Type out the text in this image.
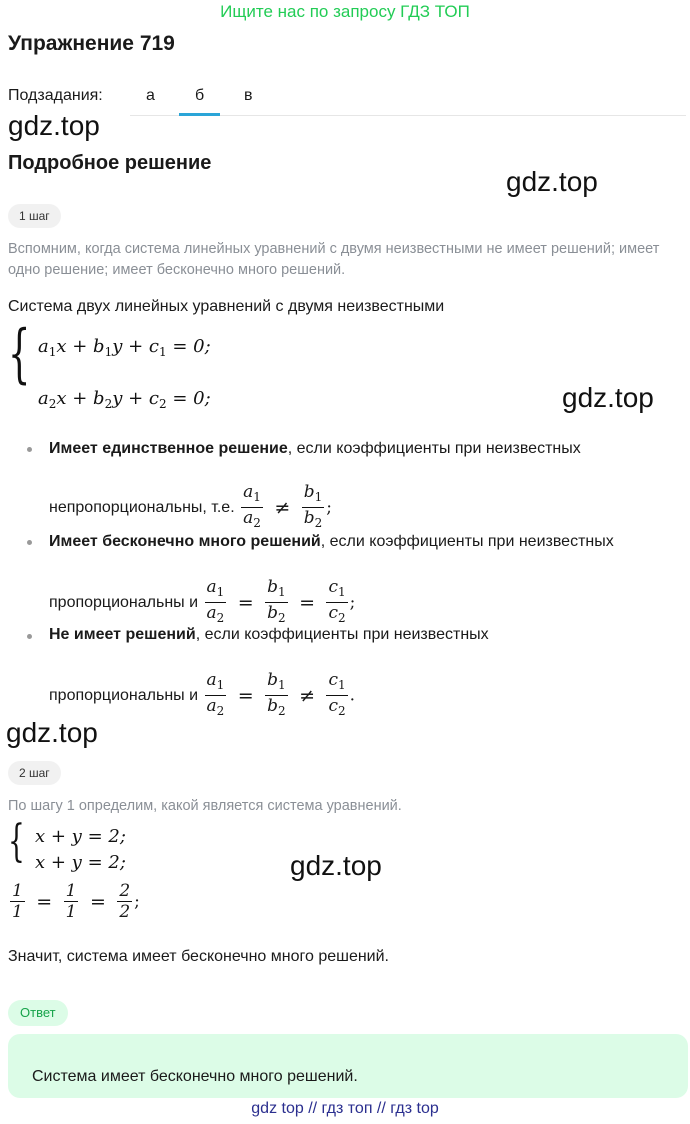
Ищите нас по запросу ГДЗ ТОП
Упражнение 719
Подзадания:	а	б в
gdz.top
gdz.top
gdz.top
gdz.top
gdz.top
Подробное решение
1 шаг
Вспомним, когда система линейных уравнений с двумя неизвестными не имеет решений; имеет одно решение; имеет бесконечно много решений.
Система двух линейных уравнений с двумя неизвестными
{ $a_1x + b_1y + c_1 = 0$;
$a_2x + b_2y + c_2 = 0$;
Имеет единственное решение, если коэффициенты при неизвестных
непропорциональны, т.е. $\frac{a_1}{a_2} \ne \frac{b_1}{b_2}$ ;
Имеет бесконечно много решений, если коэффициенты при неизвестных
пропорциональны и $\frac{a_1}{a_2} = \frac{b_1}{b_2} = \frac{c_1}{c_2}$ ;
Не имеет решений, если коэффициенты при неизвестных
пропорциональны и $\frac{a_1}{a_2} = \frac{b_1}{b_2} \ne \frac{c_1}{c_2}$ .
2 шаг
По шагу 1 определим, какой является система уравнений.
{ x + y = 2;
x + y = 2;
$\frac{1}{1} = \frac{1}{1} = \frac{2}{2}$ ;
Значит, система имеет бесконечно много решений.
Ответ
Система имеет бесконечно много решений.
gdz top // гдз топ // гдз top
